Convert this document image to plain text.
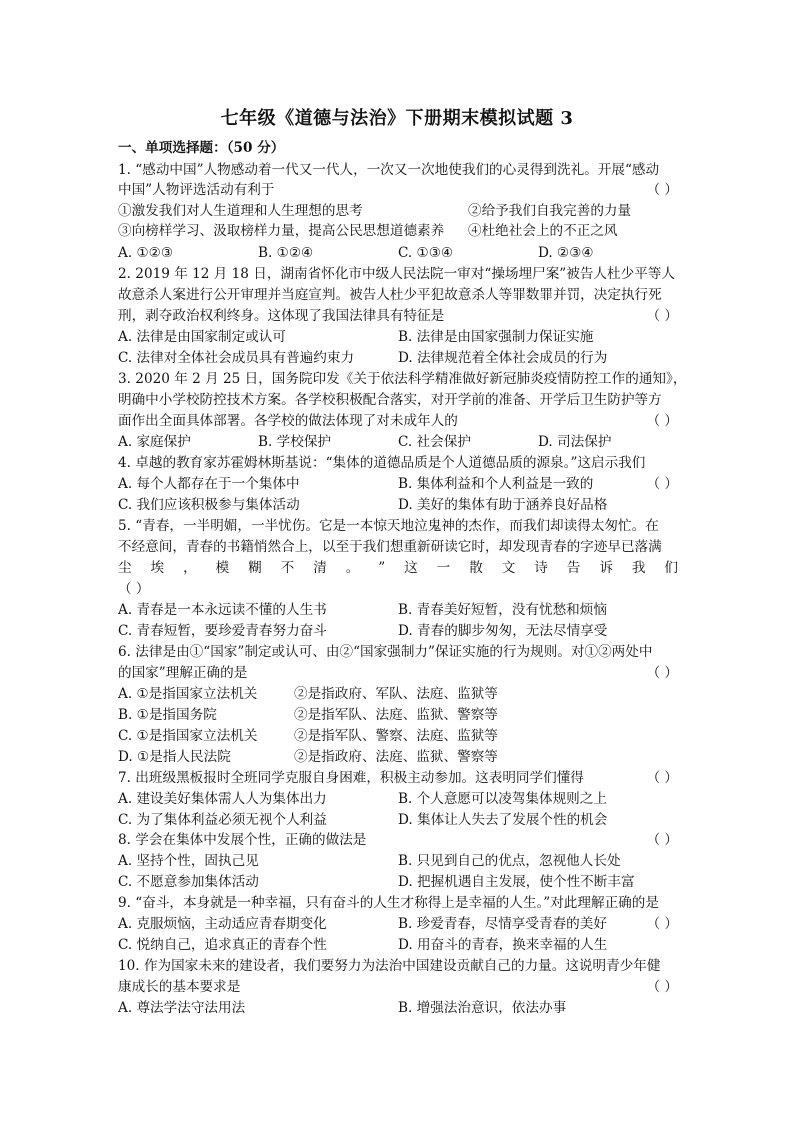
七年级《道德与法治》下册期末模拟试题 3
一、单项选择题：（50 分）
1. “感动中国”人物感动着一代又一代人，一次又一次地使我们的心灵得到洗礼。开展“感动
中国”人物评选活动有利于	（ ）
①激发我们对人生道理和人生理想的思考	②给予我们自我完善的力量
③向榜样学习、汲取榜样力量，提高公民思想道德素养 ④杜绝社会上的不正之风
A. ①②③	B. ①②④	C. ①③④	D. ②③④
2. 2019 年 12 月 18 日，湖南省怀化市中级人民法院一审对“操场埋尸案”被告人杜少平等人
故意杀人案进行公开审理并当庭宣判。被告人杜少平犯故意杀人等罪数罪并罚，决定执行死
刑，剥夺政治权利终身。这体现了我国法律具有特征是	（ ）
A. 法律是由国家制定或认可	B. 法律是由国家强制力保证实施
C. 法律对全体社会成员具有普遍约束力	D. 法律规范着全体社会成员的行为
3. 2020 年 2 月 25 日，国务院印发《关于依法科学精准做好新冠肺炎疫情防控工作的通知》，
明确中小学校防控技术方案。各学校积极配合落实，对开学前的准备、开学后卫生防护等方
面作出全面具体部署。各学校的做法体现了对未成年人的	（ ）
A. 家庭保护	B. 学校保护	C. 社会保护	D. 司法保护
4. 卓越的教育家苏霍姆林斯基说：“集体的道德品质是个人道德品质的源泉。”这启示我们
A. 每个人都存在于一个集体中	B. 集体利益和个人利益是一致的	（ ）
C. 我们应该积极参与集体活动	D. 美好的集体有助于涵养良好品格
5. “青春，一半明媚，一半忧伤。它是一本惊天地泣鬼神的杰作，而我们却读得太匆忙。在
不经意间，青春的书籍悄然合上，以至于我们想重新研读它时，却发现青春的字迹早已落满
尘 埃 ， 模 糊 不 清 。 ” 这 一 散 文 诗 告 诉 我 们
（ ）
A. 青春是一本永远读不懂的人生书	B. 青春美好短暂，没有忧愁和烦恼
C. 青春短暂，要珍爱青春努力奋斗	D. 青春的脚步匆匆，无法尽情享受
6. 法律是由①“国家”制定或认可、由②“国家强制力”保证实施的行为规则。对①②两处中
的国家”理解正确的是	（ ）
A. ①是指国家立法机关	②是指政府、军队、法庭、监狱等
B. ①是指国务院	②是指军队、法庭、监狱、警察等
C. ①是指国家立法机关	②是指军队、警察、法庭、监狱等
D. ①是指人民法院	②是指政府、法庭、监狱、警察等
7. 出班级黑板报时全班同学克服自身困难，积极主动参加。这表明同学们懂得	（ ）
A. 建设美好集体需人人为集体出力	B. 个人意愿可以凌驾集体规则之上
C. 为了集体利益必须无视个人利益	D. 集体让人失去了发展个性的机会
8. 学会在集体中发展个性，正确的做法是	（ ）
A. 坚持个性，固执己见	B. 只见到自己的优点，忽视他人长处
C. 不愿意参加集体活动	D. 把握机遇自主发展，使个性不断丰富
9. “奋斗，本身就是一种幸福，只有奋斗的人生才称得上是幸福的人生。”对此理解正确的是
A. 克服烦恼，主动适应青春期变化	B. 珍爱青春，尽情享受青春的美好	（ ）
C. 悦纳自己，追求真正的青春个性	D. 用奋斗的青春，换来幸福的人生
10. 作为国家未来的建设者，我们要努力为法治中国建设贡献自己的力量。这说明青少年健
康成长的基本要求是	（ ）
A. 尊法学法守法用法	B. 增强法治意识，依法办事
